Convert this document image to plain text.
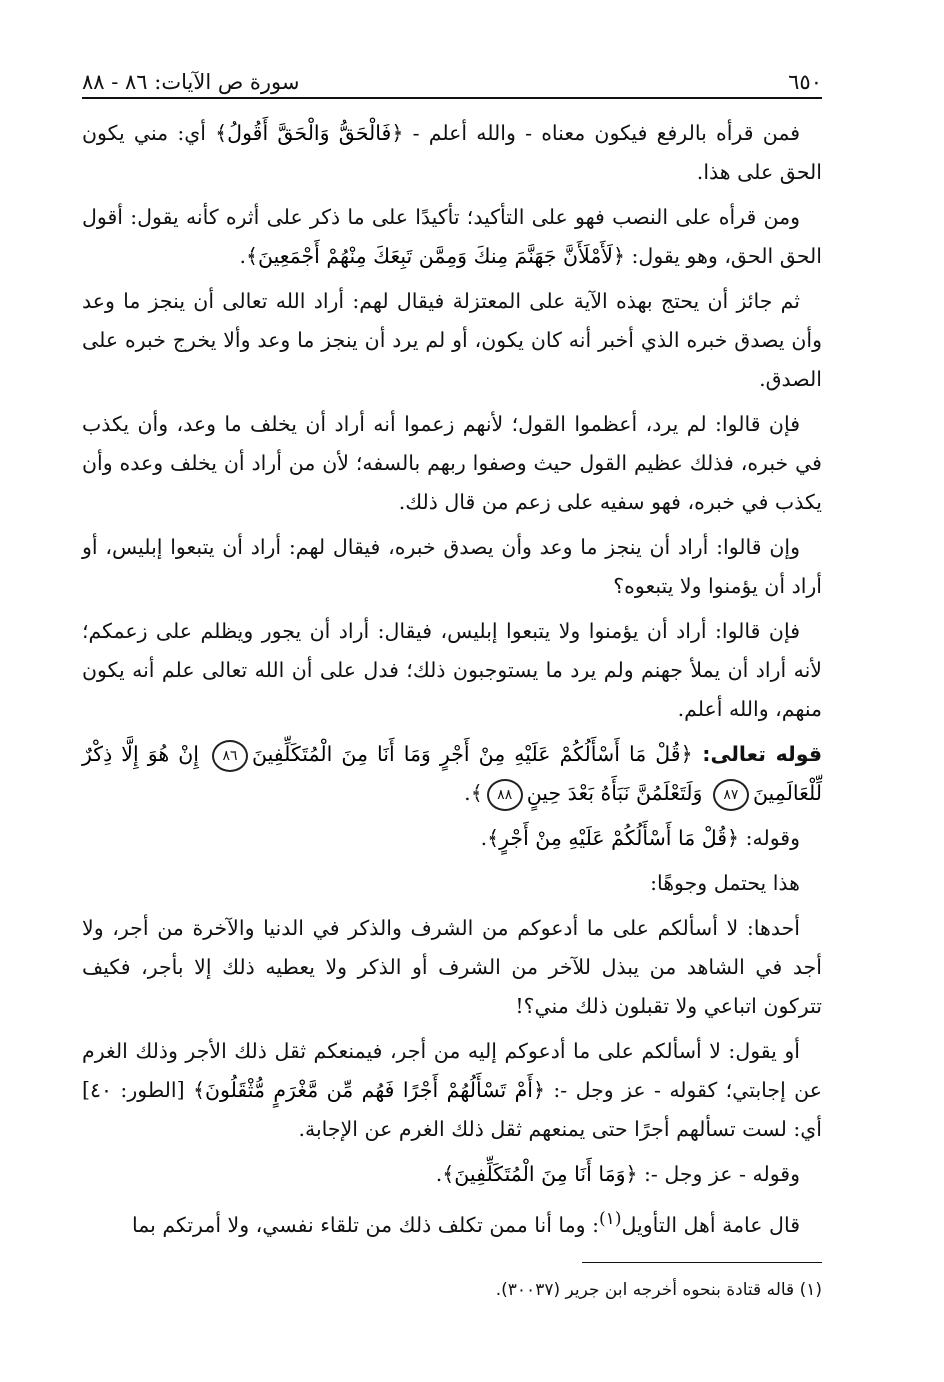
٦٥٠
سورة ص الآيات: ٨٦ - ٨٨

فمن قرأه بالرفع فيكون معناه - والله أعلم - ﴿فَالْحَقُّ وَالْحَقَّ أَقُولُ﴾ أي: مني يكون الحق على هذا.

ومن قرأه على النصب فهو على التأكيد؛ تأكيدًا على ما ذكر على أثره كأنه يقول: أقول الحق الحق، وهو يقول: ﴿لَأَمْلَأَنَّ جَهَنَّمَ مِنكَ وَمِمَّن تَبِعَكَ مِنْهُمْ أَجْمَعِينَ﴾.

ثم جائز أن يحتج بهذه الآية على المعتزلة فيقال لهم: أراد الله تعالى أن ينجز ما وعد وأن يصدق خبره الذي أخبر أنه كان يكون، أو لم يرد أن ينجز ما وعد وألا يخرج خبره على الصدق.

فإن قالوا: لم يرد، أعظموا القول؛ لأنهم زعموا أنه أراد أن يخلف ما وعد، وأن يكذب في خبره، فذلك عظيم القول حيث وصفوا ربهم بالسفه؛ لأن من أراد أن يخلف وعده وأن يكذب في خبره، فهو سفيه على زعم من قال ذلك.

وإن قالوا: أراد أن ينجز ما وعد وأن يصدق خبره، فيقال لهم: أراد أن يتبعوا إبليس، أو أراد أن يؤمنوا ولا يتبعوه؟

فإن قالوا: أراد أن يؤمنوا ولا يتبعوا إبليس، فيقال: أراد أن يجور ويظلم على زعمكم؛ لأنه أراد أن يملأ جهنم ولم يرد ما يستوجبون ذلك؛ فدل على أن الله تعالى علم أنه يكون منهم، والله أعلم.

قوله تعالى: ﴿قُلْ مَا أَسْأَلُكُمْ عَلَيْهِ مِنْ أَجْرٍ وَمَا أَنَا مِنَ الْمُتَكَلِّفِينَ٨٦ إِنْ هُوَ إِلَّا ذِكْرٌ لِّلْعَالَمِينَ٨٧ وَلَتَعْلَمُنَّ نَبَأَهُ بَعْدَ حِينٍ٨٨﴾.

وقوله: ﴿قُلْ مَا أَسْأَلُكُمْ عَلَيْهِ مِنْ أَجْرٍ﴾.

هذا يحتمل وجوهًا:

أحدها: لا أسألكم على ما أدعوكم من الشرف والذكر في الدنيا والآخرة من أجر، ولا أجد في الشاهد من يبذل للآخر من الشرف أو الذكر ولا يعطيه ذلك إلا بأجر، فكيف تتركون اتباعي ولا تقبلون ذلك مني؟!

أو يقول: لا أسألكم على ما أدعوكم إليه من أجر، فيمنعكم ثقل ذلك الأجر وذلك الغرم عن إجابتي؛ كقوله - عز وجل -: ﴿أَمْ تَسْأَلُهُمْ أَجْرًا فَهُم مِّن مَّغْرَمٍ مُّثْقَلُونَ﴾ [الطور: ٤٠] أي: لست تسألهم أجرًا حتى يمنعهم ثقل ذلك الغرم عن الإجابة.

وقوله - عز وجل -: ﴿وَمَا أَنَا مِنَ الْمُتَكَلِّفِينَ﴾.

قال عامة أهل التأويل$^{(١)}$: وما أنا ممن تكلف ذلك من تلقاء نفسي، ولا أمرتكم بما

(١) قاله قتادة بنحوه أخرجه ابن جرير (٣٠٠٣٧).
